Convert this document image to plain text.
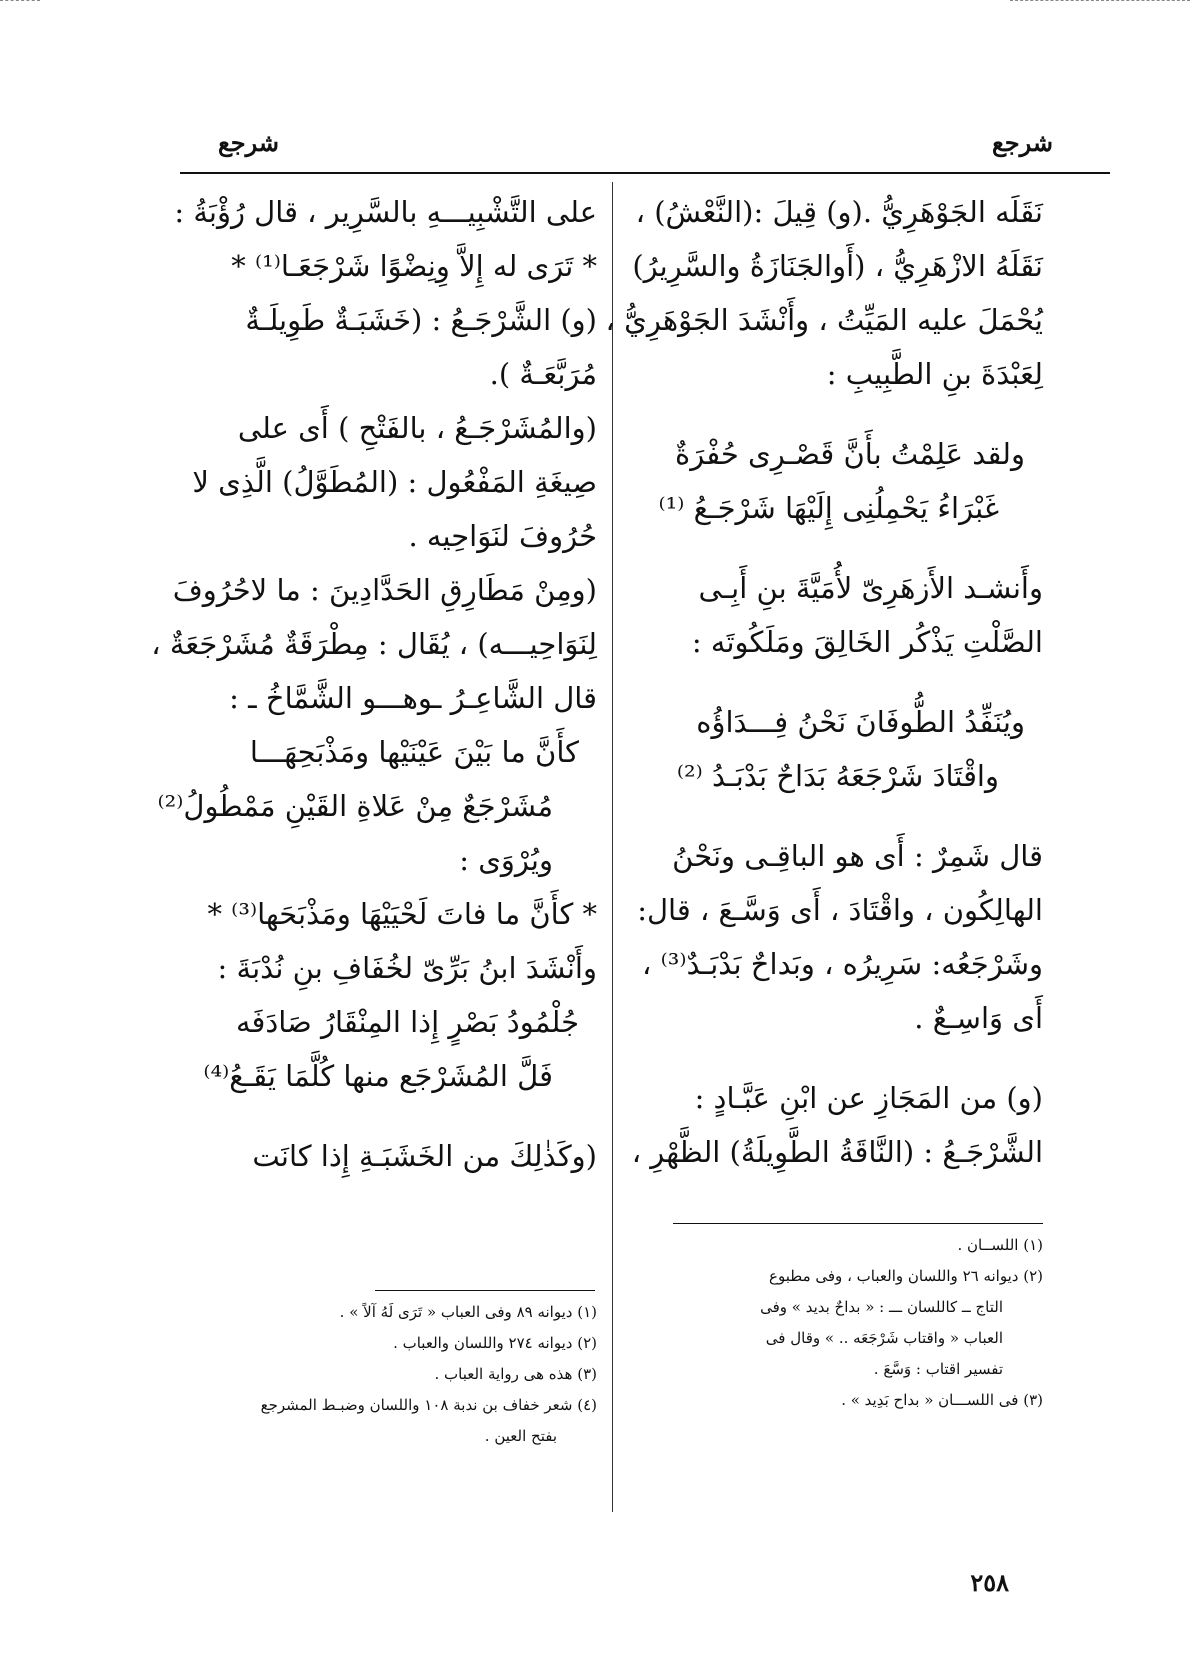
شرجع
شرجع
نَقَلَه الجَوْهَرِيُّ .(و) قِيلَ :(النَّعْشُ) ،
نَقَلَهُ الازْهَرِيُّ ، (أَوالجَنَازَةُ والسَّرِيرُ)
يُحْمَلَ عليه المَيِّتُ ، وأَنْشَدَ الجَوْهَرِيُّ ،
لِعَبْدَةَ بنِ الطَّبِيبِ :
ولقد عَلِمْتُ بأَنَّ قَصْـرِى حُفْرَةٌ
غَبْرَاءُ يَحْمِلُنِى إِلَيْهَا شَرْجَـعُ ⁽¹⁾
وأَنشـد الأَزهَرِىّ لأُمَيَّةَ بنِ أَبِـى
الصَّلْتِ يَذْكُر الخَالِقَ ومَلَكُوتَه :
ويُنَفِّدُ الطُّوفَانَ نَحْنُ فِـــدَاؤُه
واقْتَادَ شَرْجَعَهُ بَدَاحٌ بَدْبَـدُ ⁽²⁾
قال شَمِرٌ : أَى هو الباقِـى ونَحْنُ
الهالِكُون ، واقْتَادَ ، أَى وَسَّـعَ ، قال:
وشَرْجَعُه: سَرِيرُه ، وبَداحٌ بَدْبَـدٌ⁽³⁾ ،
أَى وَاسِـعٌ .
(و) من المَجَازِ عن ابْنِ عَبَّـادٍ :
الشَّرْجَـعُ : (النَّاقَةُ الطَّوِيلَةُ) الظَّهْرِ ،
على التَّشْبِيـــهِ بالسَّرِير ، قال رُؤْبَةُ :
* تَرَى له إِلاَّ وِنِضْوًا شَرْجَعَـا⁽¹⁾ *
(و) الشَّرْجَـعُ : (خَشَبَـةٌ طَوِيلَـةٌ
مُرَبَّعَـةٌ ).
(والمُشَرْجَـعُ ، بالفَتْحِ ) أَى على
صِيغَةِ المَفْعُول : (المُطَوَّلُ) الَّذِى لا
حُرُوفَ لنَوَاحِيه .
(ومِنْ مَطَارِقِ الحَدَّادِينَ : ما لاحُرُوفَ
لِنَوَاحِيـــه) ، يُقَال : مِطْرَقَةٌ مُشَرْجَعَةٌ ،
قال الشَّاعِـرُ ـوهـــو الشَّمَّاخُ ـ :
كأَنَّ ما بَيْنَ عَيْنَيْها ومَذْبَحِهَـــا
مُشَرْجَعٌ مِنْ عَلاةِ القَيْنِ مَمْطُولُ⁽²⁾
ويُرْوَى :
* كأَنَّ ما فاتَ لَحْيَيْهَا ومَذْبَحَها⁽³⁾ *
وأَنْشَدَ ابنُ بَرِّىّ لخُفَافِ بنِ نُدْبَةَ :
جُلْمُودُ بَصْرٍ إِذا المِنْقَارُ صَادَفَه
فَلَّ المُشَرْجَع منها كُلَّمَا يَقَـعُ⁽⁴⁾
(وكَذٰلِكَ من الخَشَبَـةِ إِذا كانَت
(١) اللســان .
(٢) ديوانه ٢٦ واللسان والعباب ، وفى مطبوع
التاج ــ كاللسان ـــ : « بداحٌ بديد » وفى
العباب « واقتاب شَرْجَعَه .. » وقال فى
تفسير اقتاب : وَسَّعَ .
(٣) فى اللســـان « بداح بَدِيد » .
(١) ديوانه ٨٩ وفى العباب « تَرَى لَهُ آلاً » .
(٢) ديوانه ٢٧٤ واللسان والعباب .
(٣) هذه هى رواية العباب .
(٤) شعر خفاف بن ندبة ١٠٨ واللسان وضبـط المشرجع
بفتح العين .
٢٥٨
